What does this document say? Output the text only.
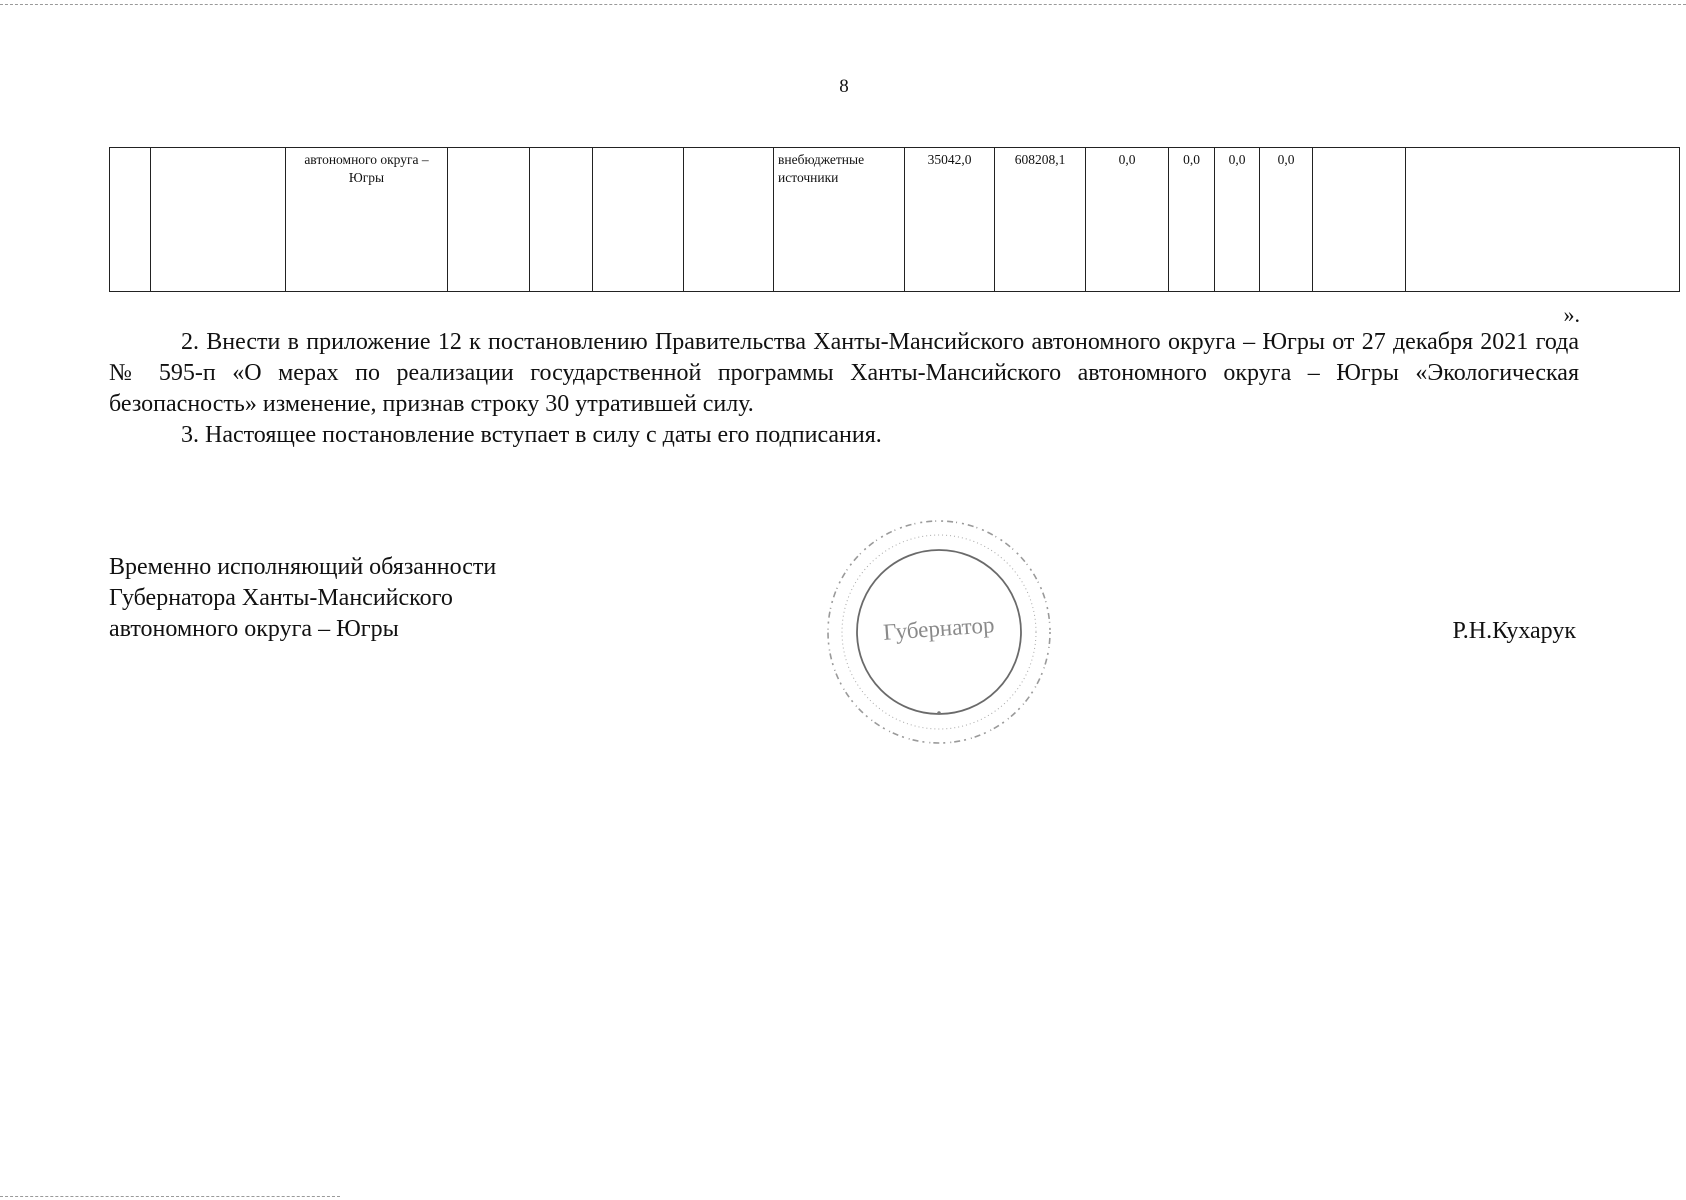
8
		автономного округа – Югры					внебюджетные источники	35042,0	608208,1	0,0	0,0	0,0	0,0		
».

2. Внести в приложение 12 к постановлению Правительства Ханты-Мансийского автономного округа – Югры от 27 декабря 2021 года № 595-п «О мерах по реализации государственной программы Ханты-Мансийского автономного округа – Югры «Экологическая безопасность» изменение, признав строку 30 утратившей силу.

3. Настоящее постановление вступает в силу с даты его подписания.

Временно исполняющий обязанности
Губернатора Ханты-Мансийского
автономного округа – Югры	Губернатор	Р.Н.Кухарук
